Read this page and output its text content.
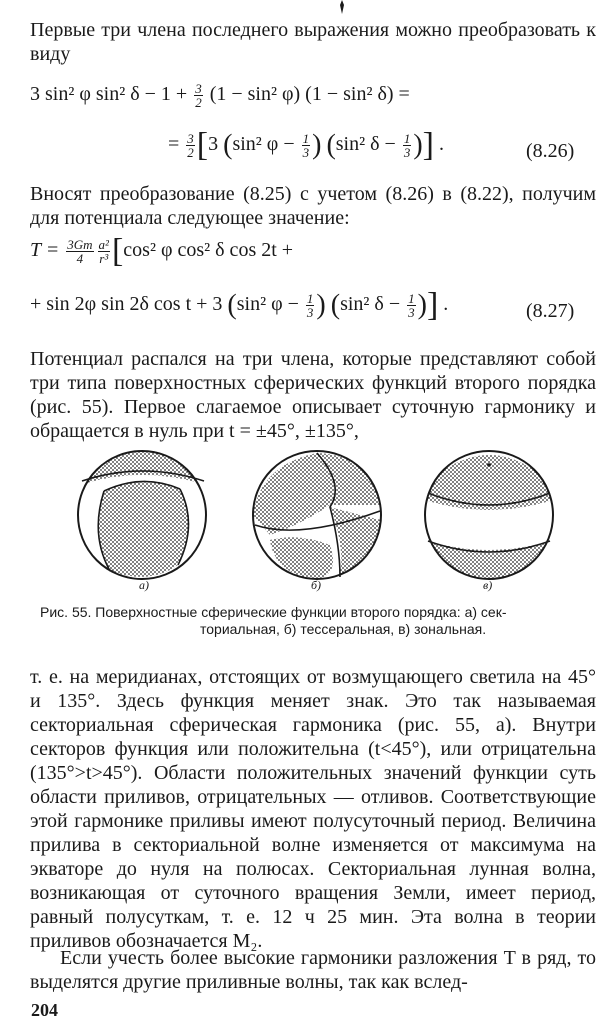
Первые три члена последнего выражения можно преобразовать к виду

3 sin² φ sin² $\delta - 1 + \frac{3}{2} (1 - \sin^2$ φ) (1 − sin² δ) =
= $\frac{3}{2} [3$ (sin² $\varphi - \frac{1}{3}$ ) (sin² $\delta - \frac{1}{3}$ )] .	(8.26)

Вносят преобразование (8.25) с учетом (8.26) в (8.22), получим для потенциала следующее значение:

$T = \frac{3Gm}{4} \frac{\text{a²}}{\text{r³}} [\cos^2$ φ cos² δ cos 2t +
+ sin 2φ sin 2δ cos t + 3 (sin² $\varphi - \frac{1}{3}$ ) (sin² $\delta - \frac{1}{3}$ )] .	(8.27)

Потенциал распался на три члена, которые представляют собой три типа поверхностных сферических функций второго порядка (рис. 55). Первое слагаемое описывает суточную гармонику и обращается в нуль при t = ±45°, ±135°,

a)	б)	в)
Рис. 55. Поверхностные сферические функции второго порядка: а) сек-
ториальная, б) тессеральная, в) зональная.

т. е. на меридианах, отстоящих от возмущающего светила на 45° и 135°. Здесь функция меняет знак. Это так называемая секториальная сферическая гармоника (рис. 55, а). Внутри секторов функция или положительна (t<45°), или отрицательна (135°>t>45°). Области положительных значений функции суть области приливов, отрицательных — отливов. Соответствующие этой гармонике приливы имеют полусуточный период. Величина прилива в секториальной волне изменяется от максимума на экваторе до нуля на полюсах. Секториальная лунная волна, возникающая от суточного вращения Земли, имеет период, равный полусуткам, т. е. 12 ч 25 мин. Эта волна в теории приливов обозначается M₂.

Если учесть более высокие гармоники разложения T в ряд, то выделятся другие приливные волны, так как вслед-

204
